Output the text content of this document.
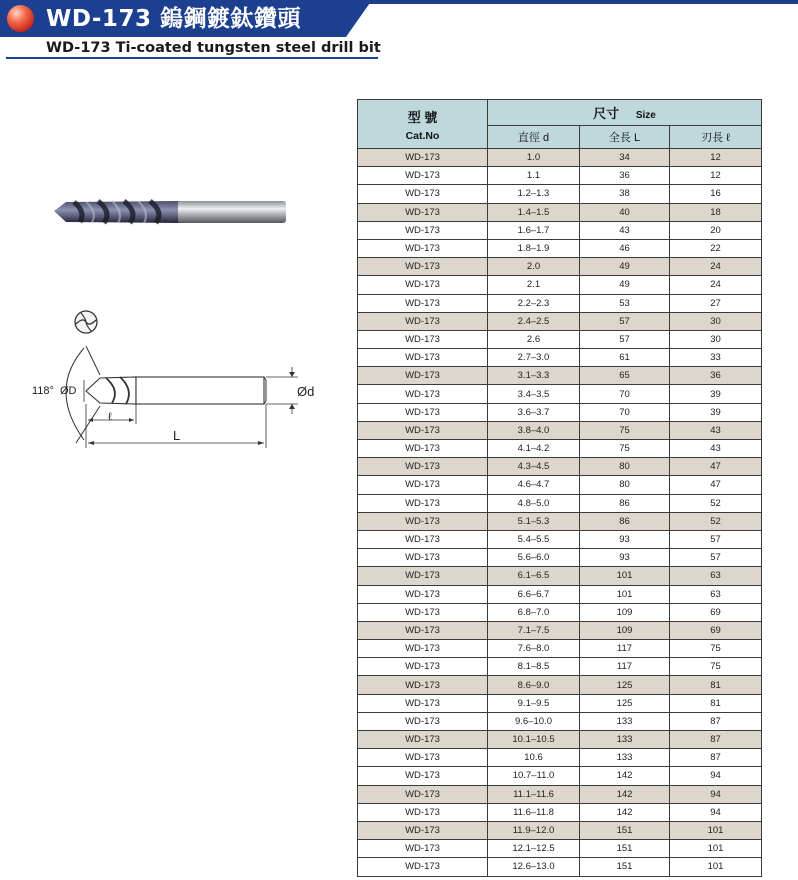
WD-173 鎢鋼鍍鈦鑽頭
WD-173 Ti-coated tungsten steel drill bit
118° ØD	Ød
ℓ
L
型 號
Cat.No	尺寸 Size		
	直徑 d	全長 L	刃長 ℓ
WD-173	1.0	34	12
WD-173	1.1	36	12
WD-173	1.2–1.3	38	16
WD-173	1.4–1.5	40	18
WD-173	1.6–1.7	43	20
WD-173	1.8–1.9	46	22
WD-173	2.0	49	24
WD-173	2.1	49	24
WD-173	2.2–2.3	53	27
WD-173	2.4–2.5	57	30
WD-173	2.6	57	30
WD-173	2.7–3.0	61	33
WD-173	3.1–3.3	65	36
WD-173	3.4–3.5	70	39
WD-173	3.6–3.7	70	39
WD-173	3.8–4.0	75	43
WD-173	4.1–4.2	75	43
WD-173	4.3–4.5	80	47
WD-173	4.6–4.7	80	47
WD-173	4.8–5.0	86	52
WD-173	5.1–5.3	86	52
WD-173	5.4–5.5	93	57
WD-173	5.6–6.0	93	57
WD-173	6.1–6.5	101	63
WD-173	6.6–6.7	101	63
WD-173	6.8–7.0	109	69
WD-173	7.1–7.5	109	69
WD-173	7.6–8.0	117	75
WD-173	8.1–8.5	117	75
WD-173	8.6–9.0	125	81
WD-173	9.1–9.5	125	81
WD-173	9.6–10.0	133	87
WD-173	10.1–10.5	133	87
WD-173	10.6	133	87
WD-173	10.7–11.0	142	94
WD-173	11.1–11.6	142	94
WD-173	11.6–11.8	142	94
WD-173	11.9–12.0	151	101
WD-173	12.1–12.5	151	101
WD-173	12.6–13.0	151	101
